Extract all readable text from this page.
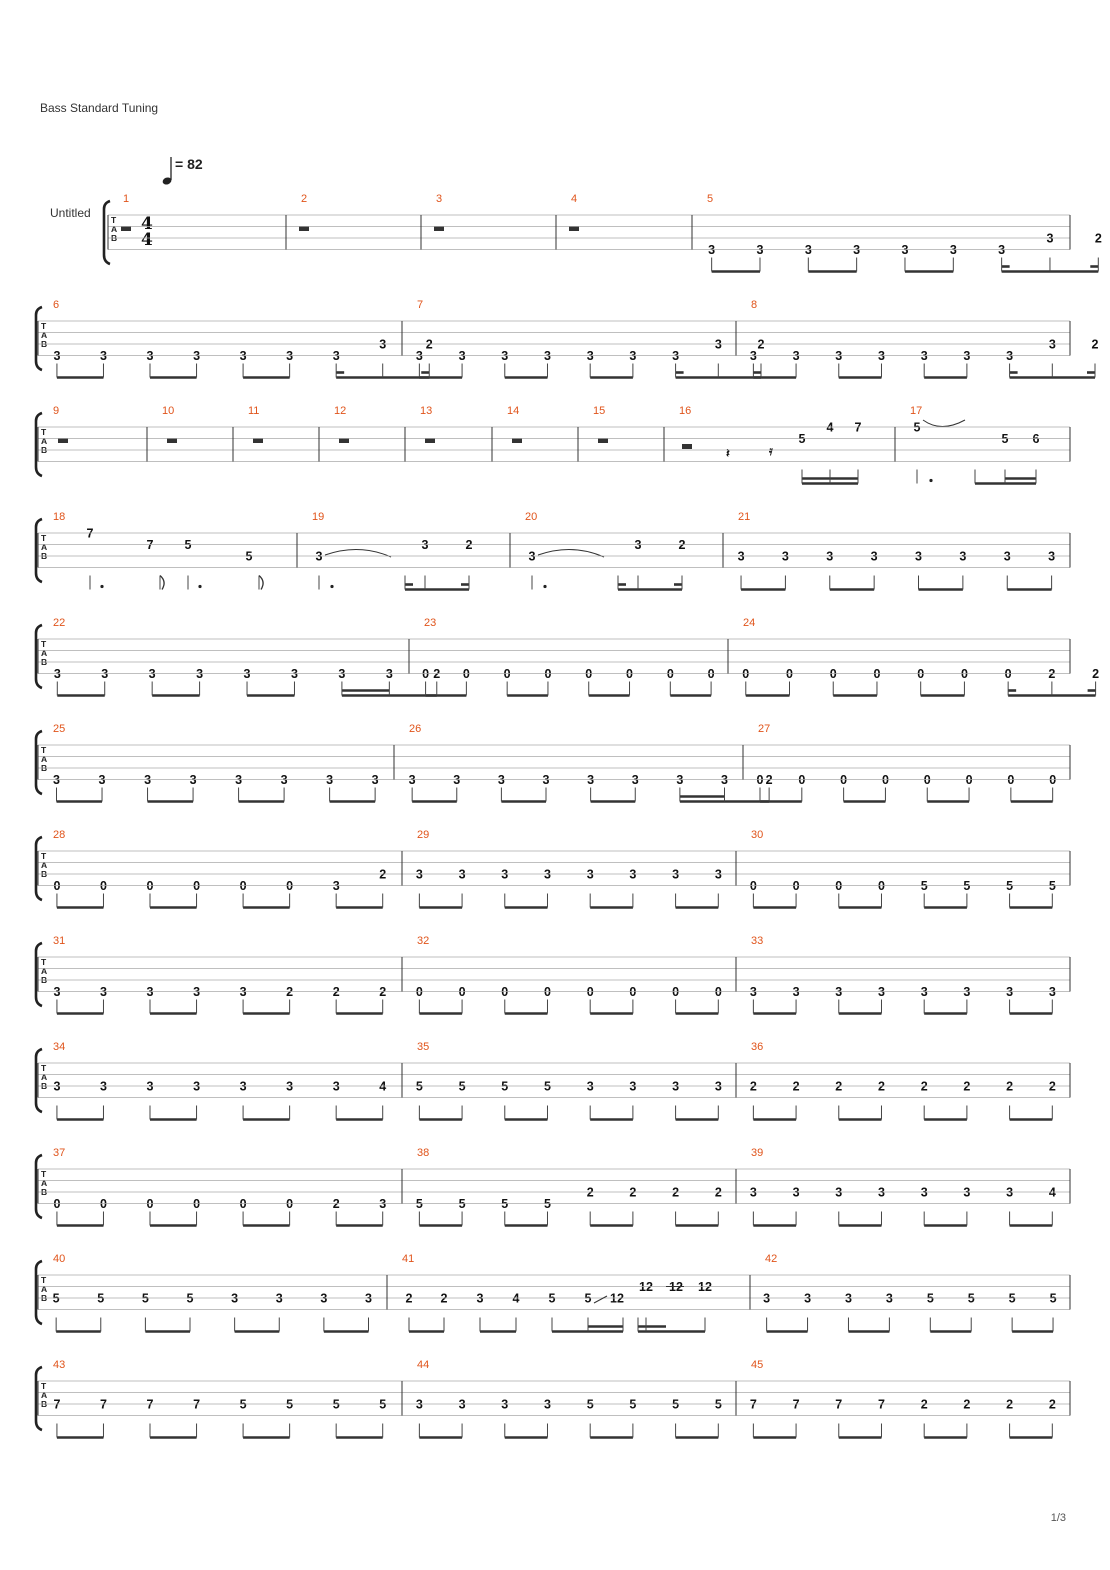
Bass Standard Tuning
1/3
= 82
Untitled T
A
B
4
4
1	2	3	4	5
3	3	3	3	3	3	3
3	2
T
A
B
6
3	3	3	3	3	3	3
3	2
7
3	3	3	3	3	3	3
3	2
8
3	3	3	3	3	3	3
3	2
T
A
B
9	10	11	12	13	14	15	16
𝄽	𝄿
5
4 7
17
5
5 6
T
A
B
18
7
7 5
5
19
3
3	2
20
3
3	2
21
3	3	3	3	3	3	3	3
T
A
B
22
3	3	3	3	3	3	3	3	2
23
0	0	0	0	0	0	0	0
24
0	0	0	0	0	0	0	2	2
T
A
B
25
3	3	3	3	3	3	3	3
26
3	3	3	3	3	3	3	3	2
27
0	0	0	0	0	0	0	0
T
A
B
28
0	0	0	0	0	0	3
2
29
3	3	3	3	3	3	3	3
30
0	0	0	0	5	5	5	5
T
A
B
31
3	3	3	3	3	2	2	2
32
0	0	0	0	0	0	0	0
33
3	3	3	3	3	3	3	3
T
A
B
34
3	3	3	3	3	3	3	4
35
5	5	5	5	3	3	3	3
36
2	2	2	2	2	2	2	2
T
A
B
37
0	0	0	0	0	0	2	3
38
5	5	5	5
2	2	2	2
39
3	3	3	3	3	3	3	4
T
A
B
40
5	5	5	5	3	3	3	3
41
2 2 3 4 5 5 12
12 12 12
42
3	3	3	3	5	5	5	5
T
A
B
43
7	7	7	7	5	5	5	5
44
3	3	3	3	5	5	5	5
45
7	7	7	7	2	2	2	2
